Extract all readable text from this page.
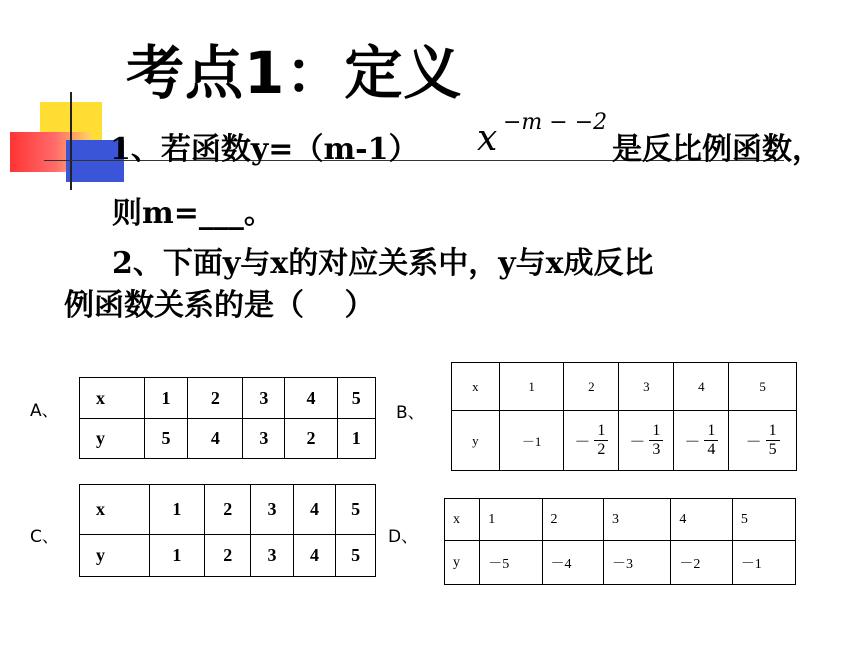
考点1：定义
1、若函数y=（m-1） x −m − −2
是反比例函数，
则m=___。
2、下面y与x的对应关系中，y与x成反比
例函数关系的是（　 ）
A、
x	1	2	3	4	5
y	5	4	3	2	1
B、
x	1	2	3	4	5
y	－1	－ $\frac{1}{2}$	－ $\frac{1}{3}$	－ $\frac{1}{4}$	－ $\frac{1}{5}$
C、
x	1	2	3	4	5
y	1	2	3	4	5
D、
x	1	2	3	4	5
y	－5	－4	－3	－2	－1
